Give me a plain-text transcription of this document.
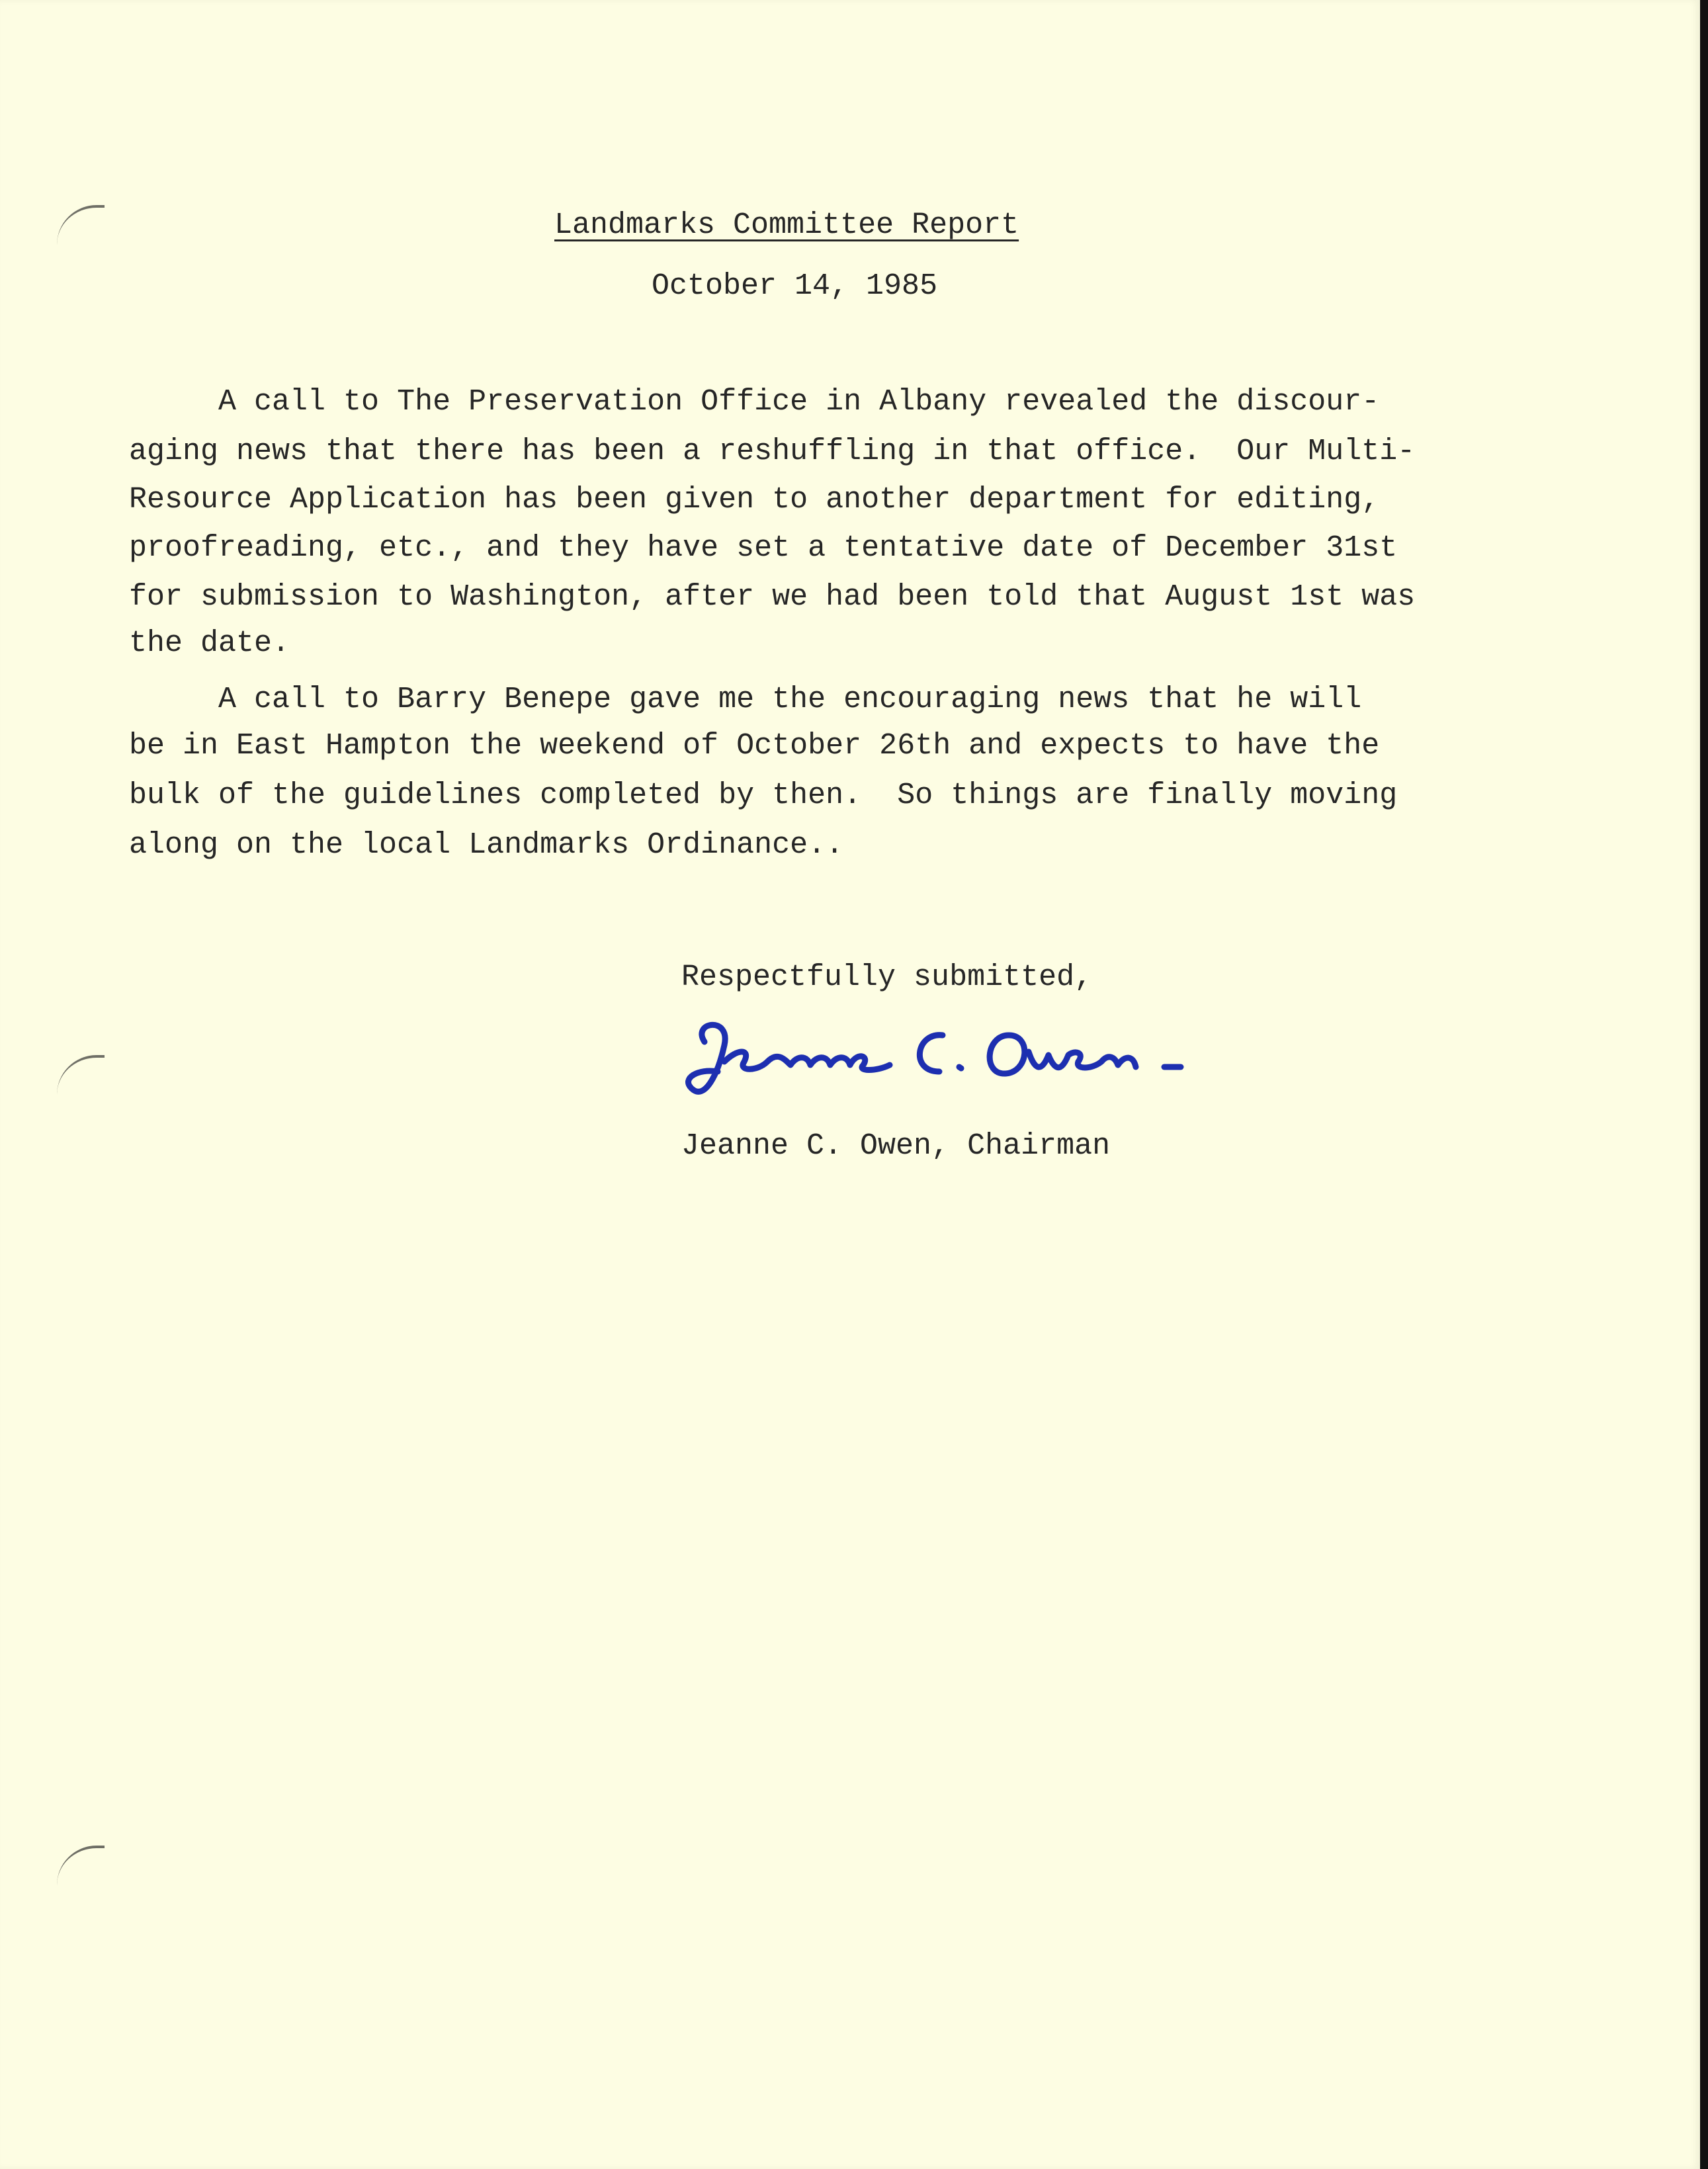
Landmarks Committee Report

October 14, 1985

A call to The Preservation Office in Albany revealed the discour-

aging news that there has been a reshuffling in that office.  Our Multi-

Resource Application has been given to another department for editing,

proofreading, etc., and they have set a tentative date of December 31st

for submission to Washington, after we had been told that August 1st was

the date.

A call to Barry Benepe gave me the encouraging news that he will

be in East Hampton the weekend of October 26th and expects to have the

bulk of the guidelines completed by then.  So things are finally moving

along on the local Landmarks Ordinance..

Respectfully submitted,

Jeanne C. Owen, Chairman
